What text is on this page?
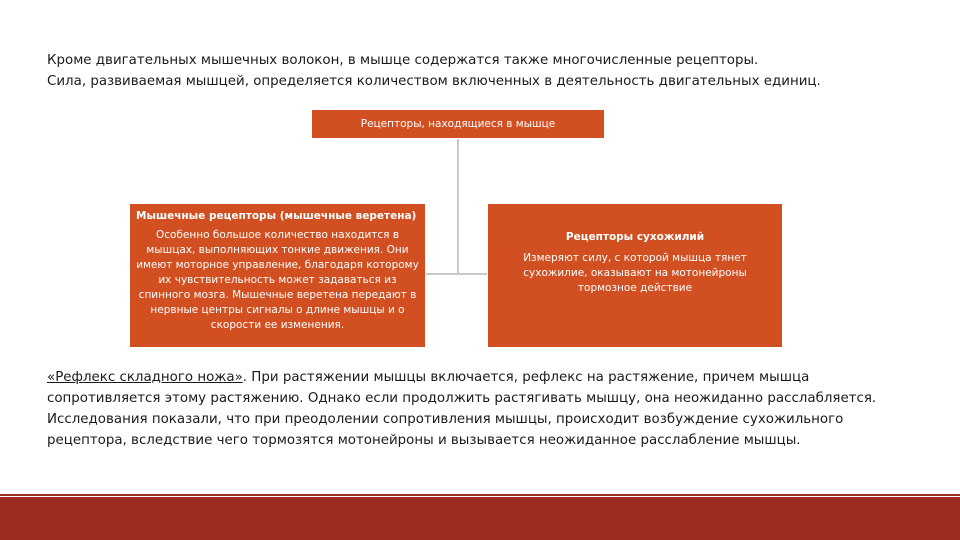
Кроме двигательных мышечных волокон, в мышце содержатся также многочисленные рецепторы.

Сила, развиваемая мышцей, определяется количеством включенных в деятельность двигательных единиц.

Рецепторы, находящиеся в мышце
Мышечные рецепторы (мышечные веретена)
Особенно большое количество находится в мышцах, выполняющих тонкие движения. Они имеют моторное управление, благодаря которому их чувствительность может задаваться из спинного мозга. Мышечные веретена передают в нервные центры сигналы о длине мышцы и о скорости ее изменения.
Рецепторы сухожилий
Измеряют силу, с которой мышца тянет сухожилие, оказывают на мотонейроны тормозное действие

«Рефлекс складного ножа». При растяжении мышцы включается, рефлекс на растяжение, причем мышца сопротивляется этому растяжению. Однако если продолжить растягивать мышцу, она неожиданно расслабляется. Исследования показали, что при преодолении сопротивления мышцы, происходит возбуждение сухожильного рецептора, вследствие чего тормозятся мотонейроны и вызывается неожиданное расслабление мышцы.
